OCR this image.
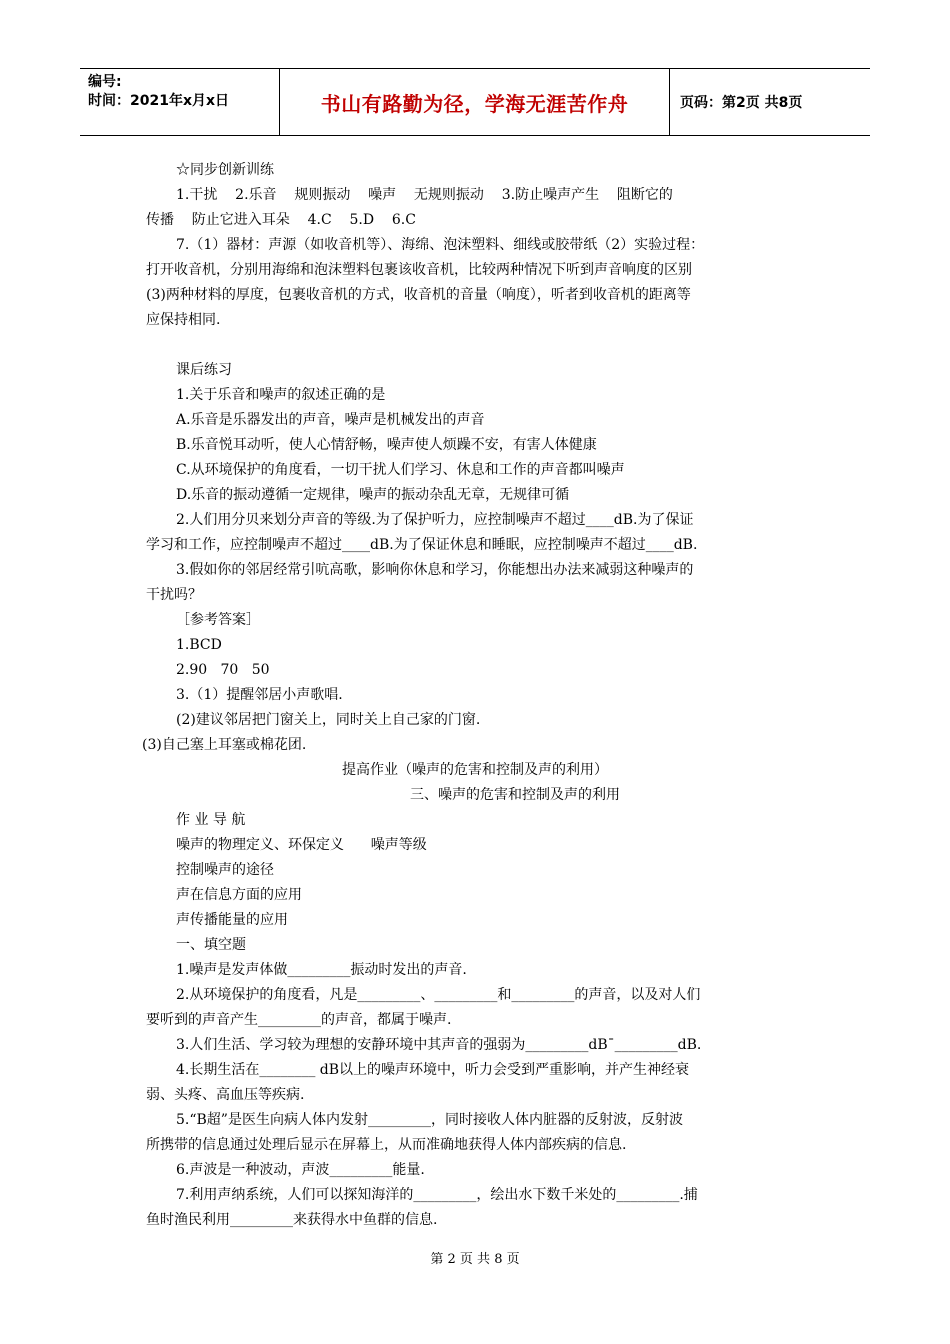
编号:
时间：2021年x月x日	书山有路勤为径，学海无涯苦作舟	页码：第2页 共8页
☆同步创新训练
1.干扰    2.乐音    规则振动    噪声    无规则振动    3.防止噪声产生    阻断它的
传播    防止它进入耳朵    4.C    5.D    6.C
7.（1）器材：声源（如收音机等）、海绵、泡沫塑料、细线或胶带纸（2）实验过程：
打开收音机，分别用海绵和泡沫塑料包裹该收音机，比较两种情况下听到声音响度的区别
(3)两种材料的厚度，包裹收音机的方式，收音机的音量（响度），听者到收音机的距离等
应保持相同.
课后练习
1.关于乐音和噪声的叙述正确的是
A.乐音是乐器发出的声音，噪声是机械发出的声音
B.乐音悦耳动听，使人心情舒畅，噪声使人烦躁不安，有害人体健康
C.从环境保护的角度看，一切干扰人们学习、休息和工作的声音都叫噪声
D.乐音的振动遵循一定规律，噪声的振动杂乱无章，无规律可循
2.人们用分贝来划分声音的等级.为了保护听力，应控制噪声不超过____dB.为了保证
学习和工作，应控制噪声不超过____dB.为了保证休息和睡眠，应控制噪声不超过____dB.
3.假如你的邻居经常引吭高歌，影响你休息和学习，你能想出办法来减弱这种噪声的
干扰吗？
［参考答案］
1.BCD
2.90   70   50
3.（1）提醒邻居小声歌唱.
(2)建议邻居把门窗关上，同时关上自己家的门窗.
(3)自己塞上耳塞或棉花团.
提高作业（噪声的危害和控制及声的利用）
三、噪声的危害和控制及声的利用
作 业 导 航
噪声的物理定义、环保定义      噪声等级
控制噪声的途径
声在信息方面的应用
声传播能量的应用
一、填空题
1.噪声是发声体做_________振动时发出的声音.
2.从环境保护的角度看，凡是_________、_________和_________的声音，以及对人们
要听到的声音产生_________的声音，都属于噪声.
3.人们生活、学习较为理想的安静环境中其声音的强弱为_________dB¯_________dB.
4.长期生活在________ dB以上的噪声环境中，听力会受到严重影响，并产生神经衰
弱、头疼、高血压等疾病.
5.“B超”是医生向病人体内发射_________，同时接收人体内脏器的反射波，反射波
所携带的信息通过处理后显示在屏幕上，从而准确地获得人体内部疾病的信息.
6.声波是一种波动，声波_________能量.
7.利用声纳系统，人们可以探知海洋的_________，绘出水下数千米处的_________.捕
鱼时渔民利用_________来获得水中鱼群的信息.
第 2 页 共 8 页
